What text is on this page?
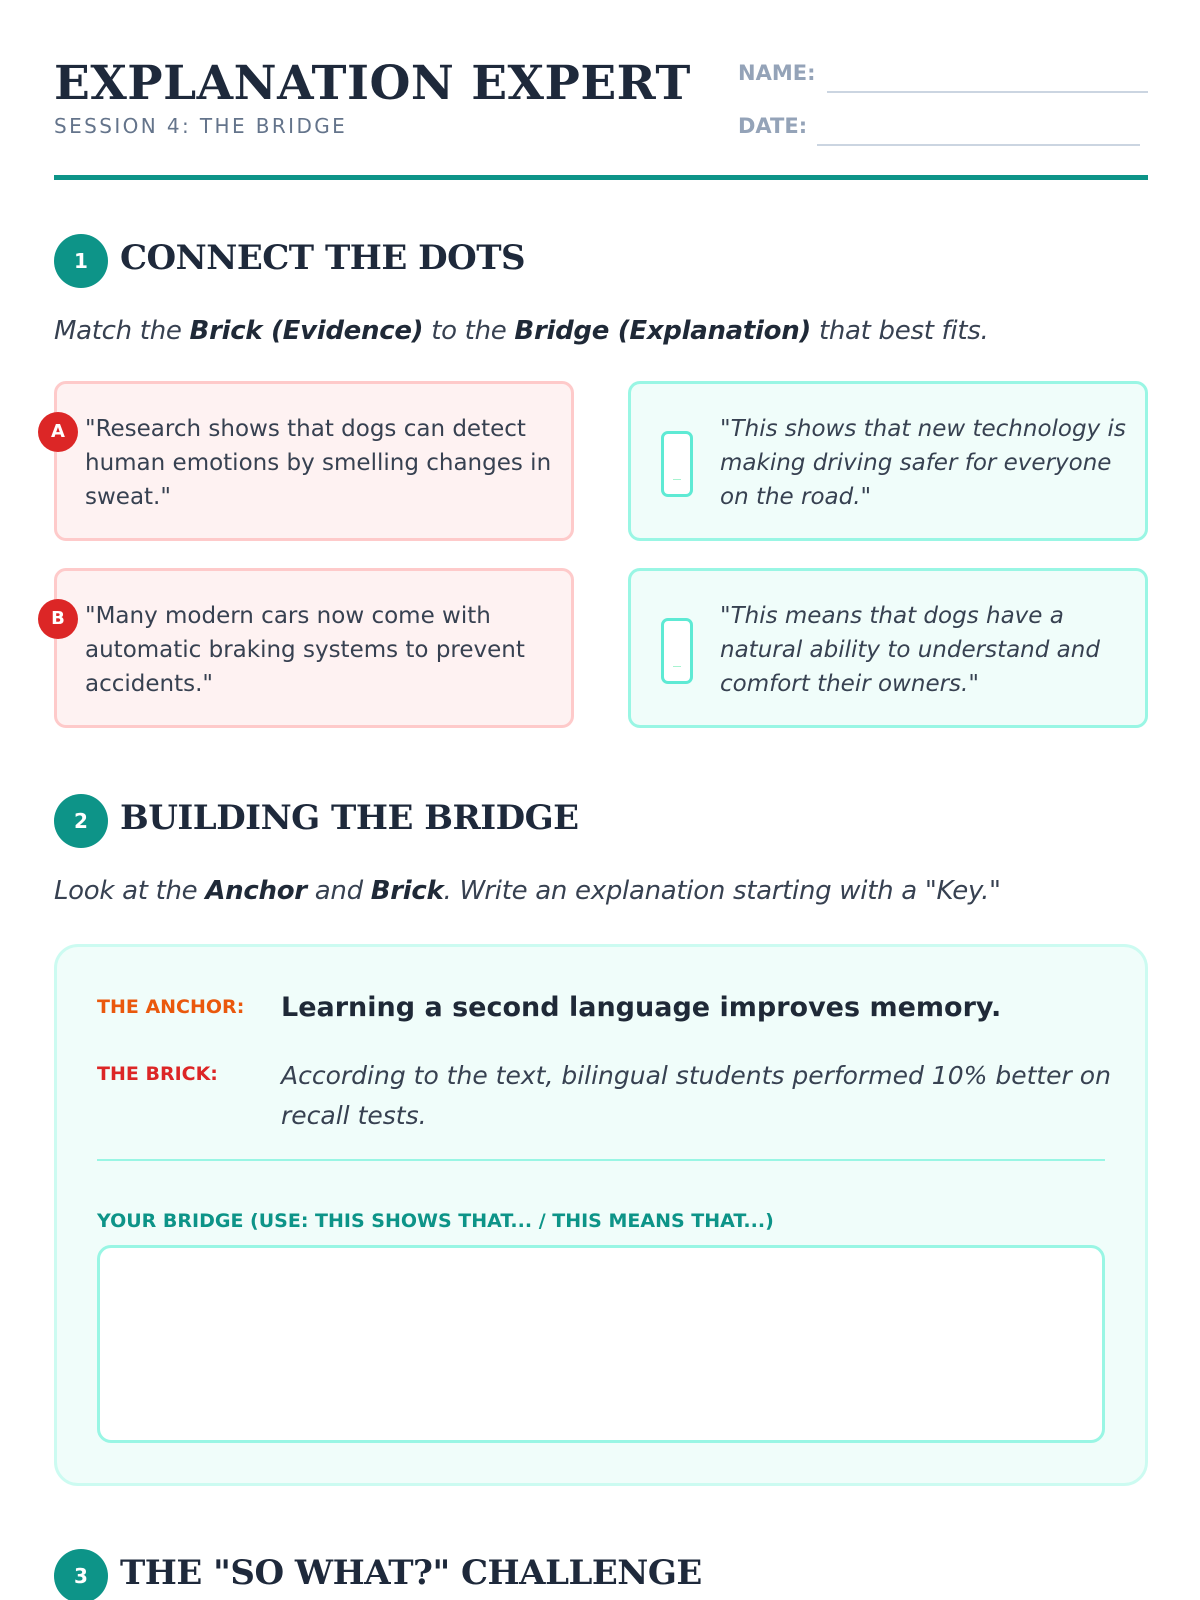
EXPLANATION EXPERT
SESSION 4: THE BRIDGE
NAME:
DATE:
1 CONNECT THE DOTS
Match the Brick (Evidence) to the Bridge (Explanation) that best fits.
A "Research shows that dogs can detect human emotions by smelling changes in sweat."
"This shows that new technology is making driving safer for everyone on the road."
B "Many modern cars now come with automatic braking systems to prevent accidents."
"This means that dogs have a natural ability to understand and comfort their owners."
2 BUILDING THE BRIDGE
Look at the Anchor and Brick. Write an explanation starting with a "Key."
THE ANCHOR: Learning a second language improves memory.
THE BRICK:	According to the text, bilingual students performed 10% better on recall tests.
YOUR BRIDGE (USE: THIS SHOWS THAT... / THIS MEANS THAT...)
3 THE "SO WHAT?" CHALLENGE
